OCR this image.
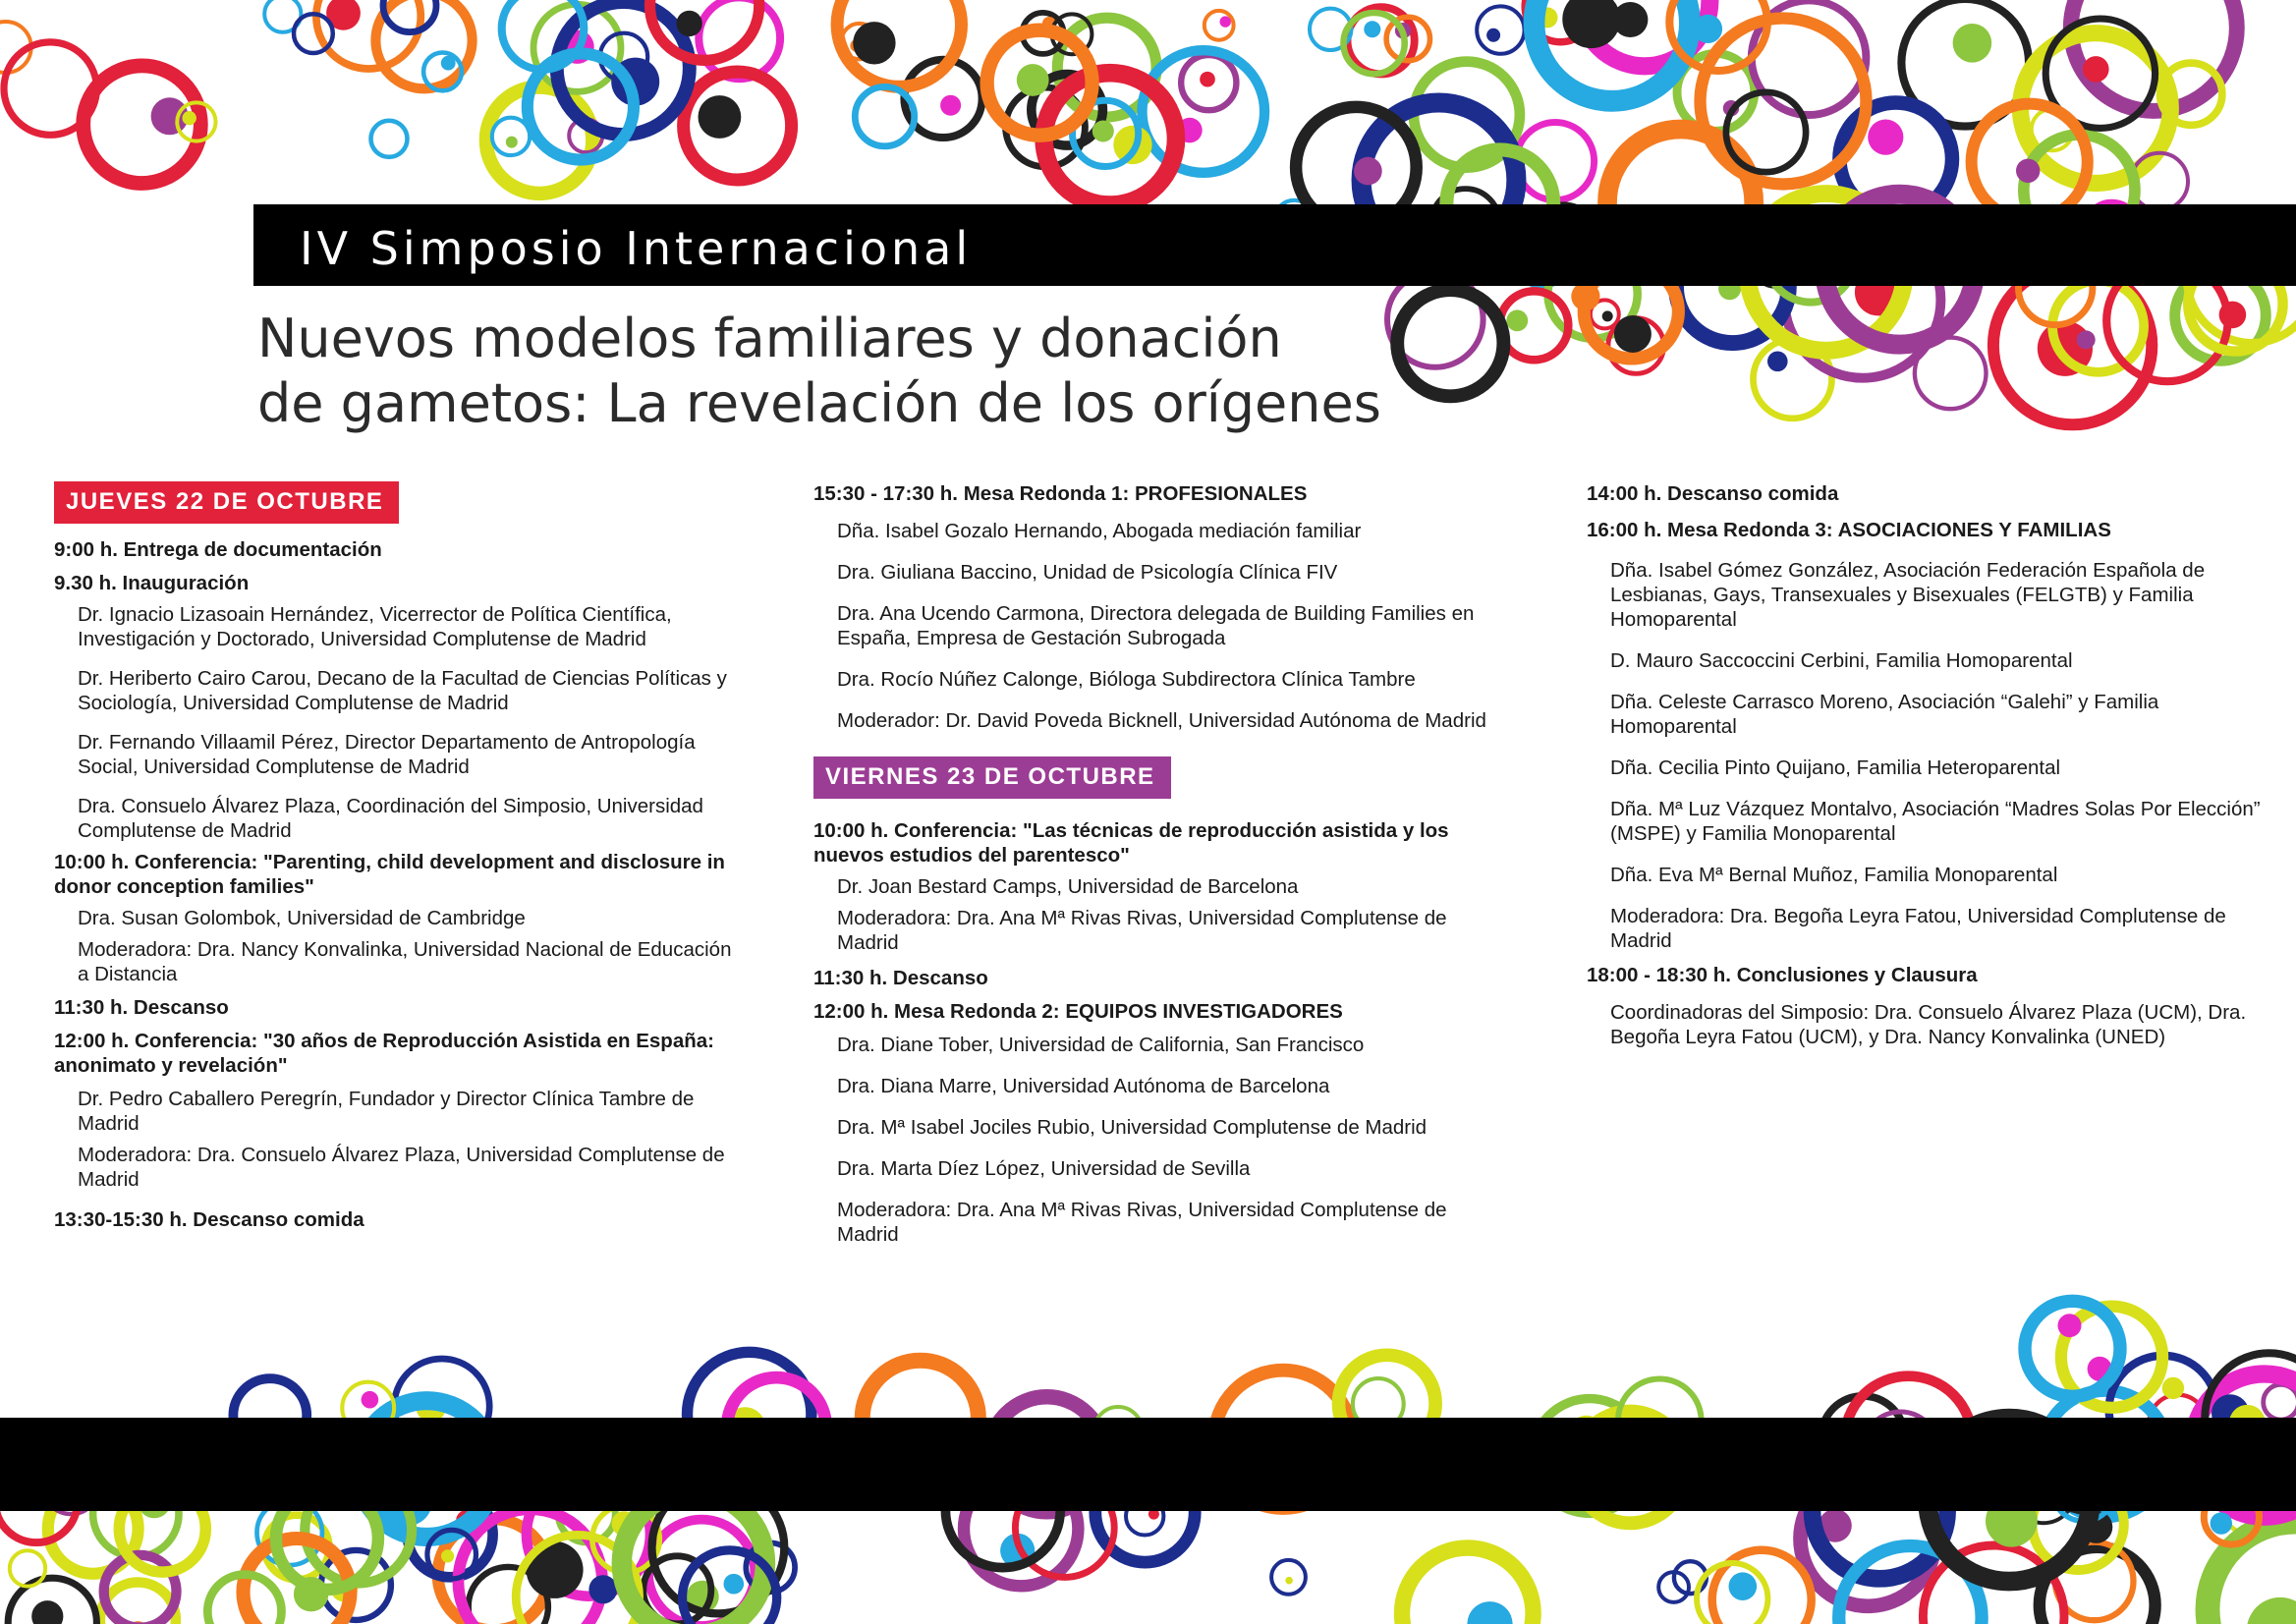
IV Simposio Internacional
Nuevos modelos familiares y donación
de gametos: La revelación de los orígenes
JUEVES 22 DE OCTUBRE
9:00 h. Entrega de documentación
9.30 h. Inauguración
Dr. Ignacio Lizasoain Hernández, Vicerrector de Política Científica, Investigación y Doctorado, Universidad Complutense de Madrid
Dr. Heriberto Cairo Carou, Decano de la Facultad de Ciencias Políticas y Sociología, Universidad Complutense de Madrid
Dr. Fernando Villaamil Pérez, Director Departamento de Antropología Social, Universidad Complutense de Madrid
Dra. Consuelo Álvarez Plaza, Coordinación del Simposio, Universidad Complutense de Madrid
10:00 h. Conferencia: "Parenting, child development and disclosure in donor conception families"
Dra. Susan Golombok, Universidad de Cambridge
Moderadora: Dra. Nancy Konvalinka, Universidad Nacional de Educación a Distancia
11:30 h. Descanso
12:00 h. Conferencia: "30 años de Reproducción Asistida en España: anonimato y revelación"
Dr. Pedro Caballero Peregrín, Fundador y Director Clínica Tambre de Madrid
Moderadora: Dra. Consuelo Álvarez Plaza, Universidad Complutense de Madrid
13:30-15:30 h. Descanso comida
15:30 - 17:30 h. Mesa Redonda 1: PROFESIONALES
Dña. Isabel Gozalo Hernando, Abogada mediación familiar
Dra. Giuliana Baccino, Unidad de Psicología Clínica FIV
Dra. Ana Ucendo Carmona, Directora delegada de Building Families en España, Empresa de Gestación Subrogada
Dra. Rocío Núñez Calonge, Bióloga Subdirectora Clínica Tambre
Moderador: Dr. David Poveda Bicknell, Universidad Autónoma de Madrid
VIERNES 23 DE OCTUBRE
10:00 h. Conferencia: "Las técnicas de reproducción asistida y los nuevos estudios del parentesco"
Dr. Joan Bestard Camps, Universidad de Barcelona
Moderadora: Dra. Ana Mª Rivas Rivas, Universidad Complutense de Madrid
11:30 h. Descanso
12:00 h. Mesa Redonda 2: EQUIPOS INVESTIGADORES
Dra. Diane Tober, Universidad de California, San Francisco
Dra. Diana Marre, Universidad Autónoma de Barcelona
Dra. Mª Isabel Jociles Rubio, Universidad Complutense de Madrid
Dra. Marta Díez López, Universidad de Sevilla
Moderadora: Dra. Ana Mª Rivas Rivas, Universidad Complutense de Madrid
14:00 h. Descanso comida
16:00 h. Mesa Redonda 3: ASOCIACIONES Y FAMILIAS
Dña. Isabel Gómez González, Asociación Federación Española de Lesbianas, Gays, Transexuales y Bisexuales (FELGTB) y Familia Homoparental
D. Mauro Saccoccini Cerbini, Familia Homoparental
Dña. Celeste Carrasco Moreno, Asociación “Galehi” y Familia Homoparental
Dña. Cecilia Pinto Quijano, Familia Heteroparental
Dña. Mª Luz Vázquez Montalvo, Asociación “Madres Solas Por Elección” (MSPE) y Familia Monoparental
Dña. Eva Mª Bernal Muñoz, Familia Monoparental
Moderadora: Dra. Begoña Leyra Fatou, Universidad Complutense de Madrid
18:00 - 18:30 h. Conclusiones y Clausura
Coordinadoras del Simposio: Dra. Consuelo Álvarez Plaza (UCM), Dra. Begoña Leyra Fatou (UCM), y Dra. Nancy Konvalinka (UNED)
